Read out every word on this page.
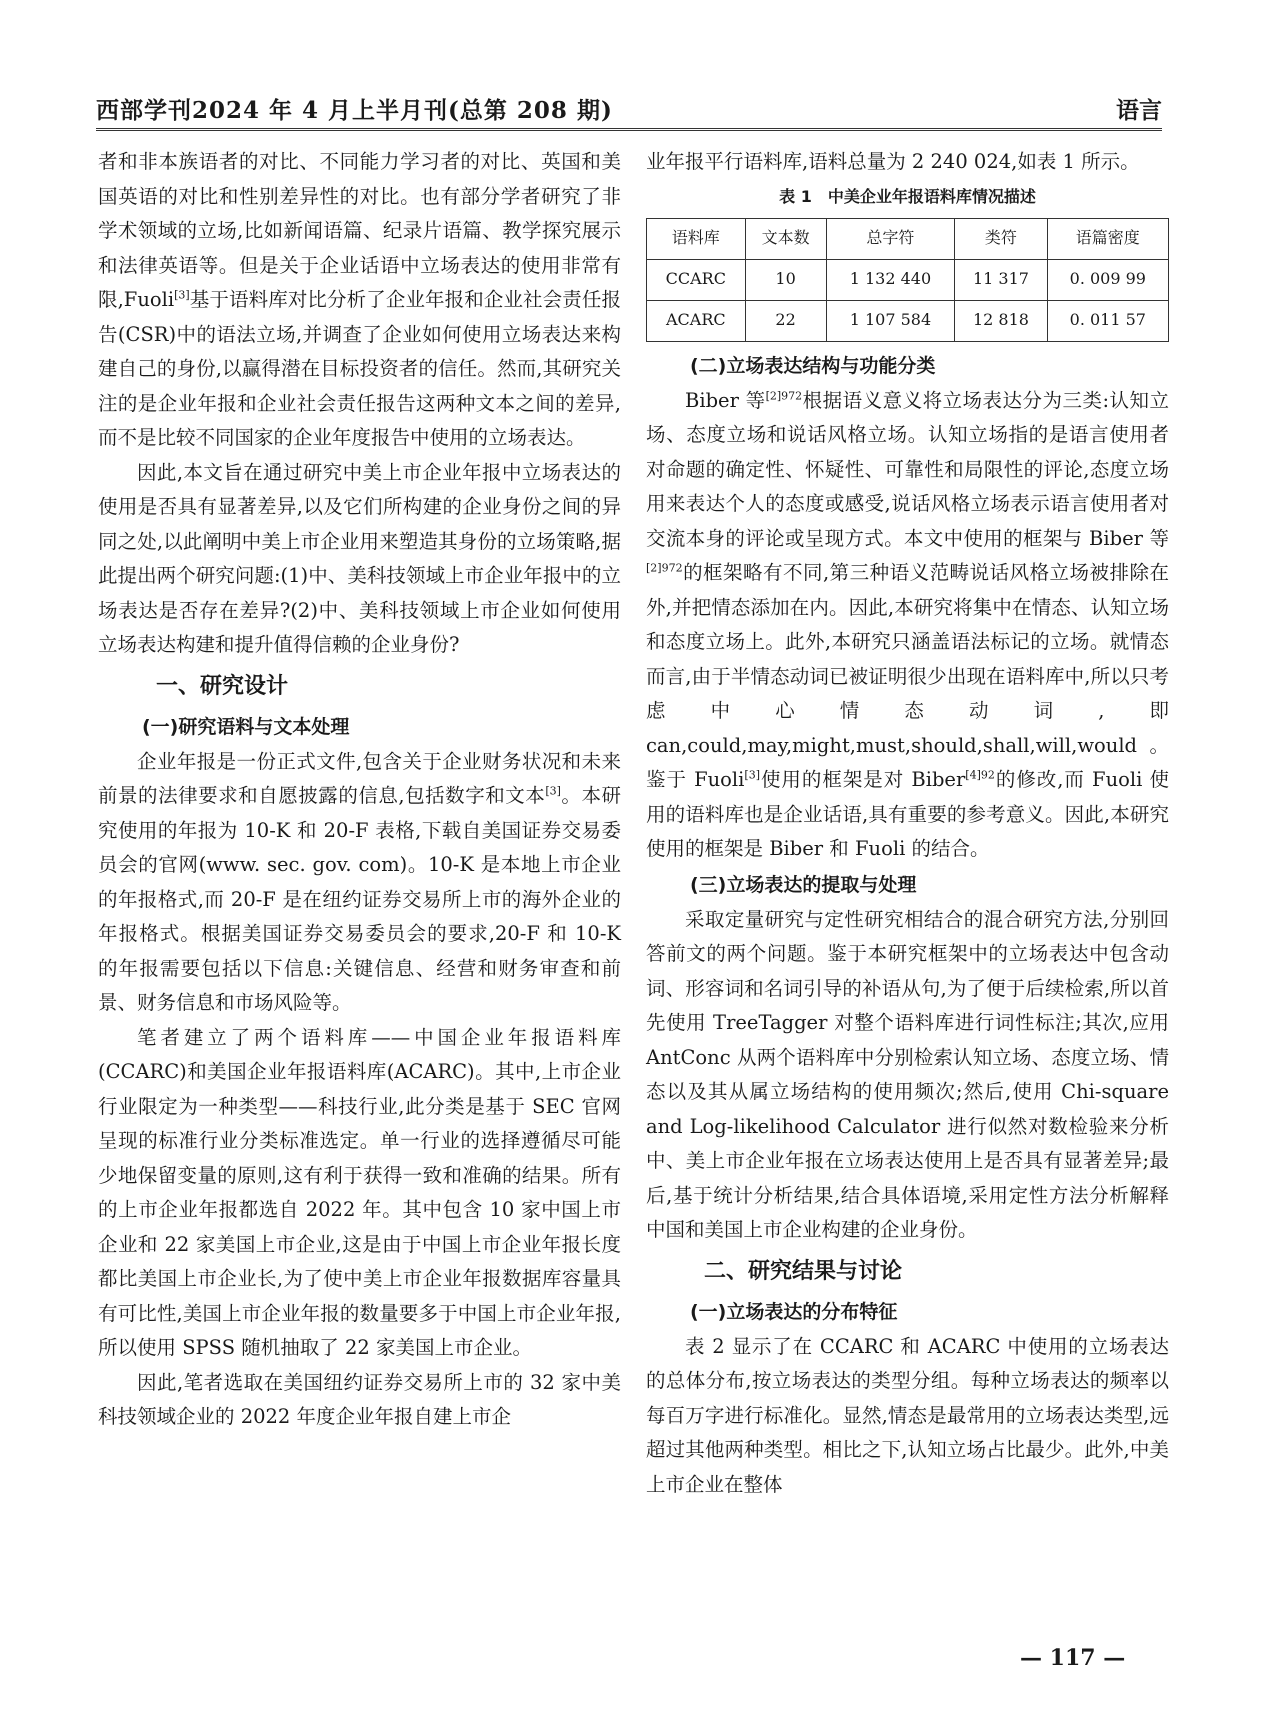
西部学刊2024 年 4 月上半月刊(总第 208 期)	语言

者和非本族语者的对比、不同能力学习者的对比、英国和美国英语的对比和性别差异性的对比。也有部分学者研究了非学术领域的立场,比如新闻语篇、纪录片语篇、教学探究展示和法律英语等。但是关于企业话语中立场表达的使用非常有限,Fuoli[3]基于语料库对比分析了企业年报和企业社会责任报告(CSR)中的语法立场,并调查了企业如何使用立场表达来构建自己的身份,以赢得潜在目标投资者的信任。然而,其研究关注的是企业年报和企业社会责任报告这两种文本之间的差异,而不是比较不同国家的企业年度报告中使用的立场表达。

因此,本文旨在通过研究中美上市企业年报中立场表达的使用是否具有显著差异,以及它们所构建的企业身份之间的异同之处,以此阐明中美上市企业用来塑造其身份的立场策略,据此提出两个研究问题:(1)中、美科技领域上市企业年报中的立场表达是否存在差异?(2)中、美科技领域上市企业如何使用立场表达构建和提升值得信赖的企业身份?

一、研究设计
(一)研究语料与文本处理

企业年报是一份正式文件,包含关于企业财务状况和未来前景的法律要求和自愿披露的信息,包括数字和文本[3]。本研究使用的年报为 10-K 和 20-F 表格,下载自美国证券交易委员会的官网(www. sec. gov. com)。10-K 是本地上市企业的年报格式,而 20-F 是在纽约证券交易所上市的海外企业的年报格式。根据美国证券交易委员会的要求,20-F 和 10-K 的年报需要包括以下信息:关键信息、经营和财务审查和前景、财务信息和市场风险等。

笔者建立了两个语料库——中国企业年报语料库(CCARC)和美国企业年报语料库(ACARC)。其中,上市企业行业限定为一种类型——科技行业,此分类是基于 SEC 官网呈现的标准行业分类标准选定。单一行业的选择遵循尽可能少地保留变量的原则,这有利于获得一致和准确的结果。所有的上市企业年报都选自 2022 年。其中包含 10 家中国上市企业和 22 家美国上市企业,这是由于中国上市企业年报长度都比美国上市企业长,为了使中美上市企业年报数据库容量具有可比性,美国上市企业年报的数量要多于中国上市企业年报,所以使用 SPSS 随机抽取了 22 家美国上市企业。

因此,笔者选取在美国纽约证券交易所上市的 32 家中美科技领域企业的 2022 年度企业年报自建上市企

业年报平行语料库,语料总量为 2 240 024,如表 1 所示。

表 1　中美企业年报语料库情况描述
语料库	文本数	总字符	类符	语篇密度
CCARC	10	1 132 440	11 317	0. 009 99
ACARC	22	1 107 584	12 818	0. 011 57
(二)立场表达结构与功能分类

Biber 等$^{[2]972}$根据语义意义将立场表达分为三类:认知立场、态度立场和说话风格立场。认知立场指的是语言使用者对命题的确定性、怀疑性、可靠性和局限性的评论,态度立场用来表达个人的态度或感受,说话风格立场表示语言使用者对交流本身的评论或呈现方式。本文中使用的框架与 Biber 等$^{[2]972}$的框架略有不同,第三种语义范畴说话风格立场被排除在外,并把情态添加在内。因此,本研究将集中在情态、认知立场和态度立场上。此外,本研究只涵盖语法标记的立场。就情态而言,由于半情态动词已被证明很少出现在语料库中,所以只考虑中心情态动词,即 can,could,may,might,must,should,shall,will,would。鉴于 Fuoli[3]使用的框架是对 Biber$^{[4]92}$的修改,而 Fuoli 使用的语料库也是企业话语,具有重要的参考意义。因此,本研究使用的框架是 Biber 和 Fuoli 的结合。

(三)立场表达的提取与处理

采取定量研究与定性研究相结合的混合研究方法,分别回答前文的两个问题。鉴于本研究框架中的立场表达中包含动词、形容词和名词引导的补语从句,为了便于后续检索,所以首先使用 TreeTagger 对整个语料库进行词性标注;其次,应用 AntConc 从两个语料库中分别检索认知立场、态度立场、情态以及其从属立场结构的使用频次;然后,使用 Chi-square and Log-likelihood Calculator 进行似然对数检验来分析中、美上市企业年报在立场表达使用上是否具有显著差异;最后,基于统计分析结果,结合具体语境,采用定性方法分析解释中国和美国上市企业构建的企业身份。

二、研究结果与讨论
(一)立场表达的分布特征

表 2 显示了在 CCARC 和 ACARC 中使用的立场表达的总体分布,按立场表达的类型分组。每种立场表达的频率以每百万字进行标准化。显然,情态是最常用的立场表达类型,远超过其他两种类型。相比之下,认知立场占比最少。此外,中美上市企业在整体

— 117 —
